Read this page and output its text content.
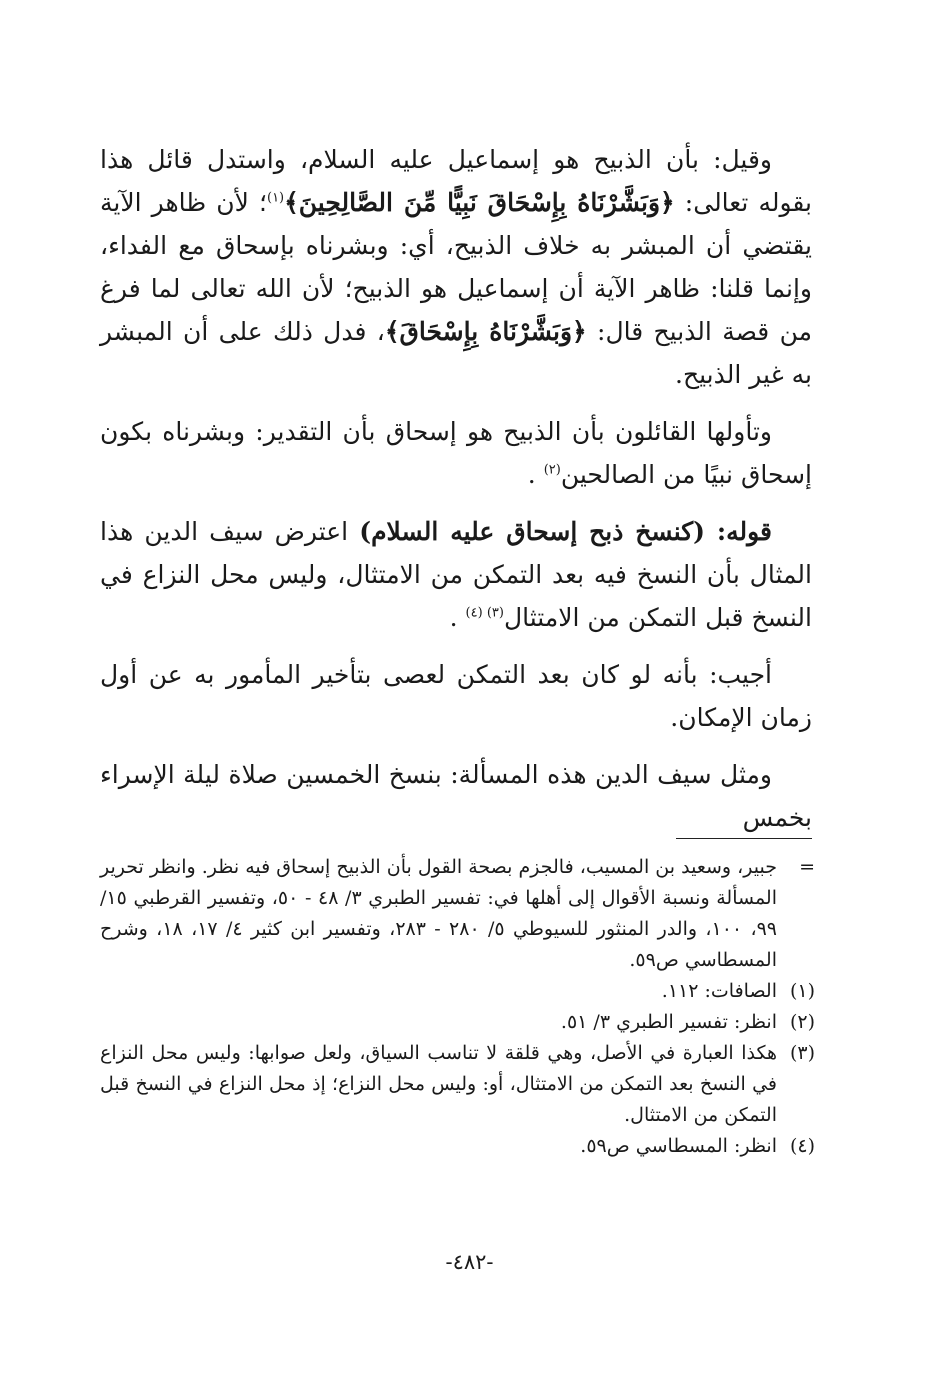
وقيل: بأن الذبيح هو إسماعيل عليه السلام، واستدل قائل هذا بقوله تعالى: ﴿وَبَشَّرْنَاهُ بِإِسْحَاقَ نَبِيًّا مِّنَ الصَّالِحِينَ﴾$^{(١)}$؛ لأن ظاهر الآية يقتضي أن المبشر به خلاف الذبيح، أي: وبشرناه بإسحاق مع الفداء، وإنما قلنا: ظاهر الآية أن إسماعيل هو الذبيح؛ لأن الله تعالى لما فرغ من قصة الذبيح قال: ﴿وَبَشَّرْنَاهُ بِإِسْحَاقَ﴾، فدل ذلك على أن المبشر به غير الذبيح.

وتأولها القائلون بأن الذبيح هو إسحاق بأن التقدير: وبشرناه بكون إسحاق نبيًا من الصالحين$^{(٢)}$ .

قوله: (كنسخ ذبح إسحاق عليه السلام) اعترض سيف الدين هذا المثال بأن النسخ فيه بعد التمكن من الامتثال، وليس محل النزاع في النسخ قبل التمكن من الامتثال$^{(٣) (٤)}$ .

أجيب: بأنه لو كان بعد التمكن لعصى بتأخير المأمور به عن أول زمان الإمكان.

ومثل سيف الدين هذه المسألة: بنسخ الخمسين صلاة ليلة الإسراء بخمس

=
جبير، وسعيد بن المسيب، فالجزم بصحة القول بأن الذبيح إسحاق فيه نظر. وانظر تحرير المسألة ونسبة الأقوال إلى أهلها في: تفسير الطبري ٣/ ٤٨ - ٥٠، وتفسير القرطبي ١٥/ ٩٩، ١٠٠، والدر المنثور للسيوطي ٥/ ٢٨٠ - ٢٨٣، وتفسير ابن كثير ٤/ ١٧، ١٨، وشرح المسطاسي ص٥٩.
(١)
الصافات: ١١٢.
(٢)
انظر: تفسير الطبري ٣/ ٥١.
(٣)
هكذا العبارة في الأصل، وهي قلقة لا تناسب السياق، ولعل صوابها: وليس محل النزاع في النسخ بعد التمكن من الامتثال، أو: وليس محل النزاع؛ إذ محل النزاع في النسخ قبل التمكن من الامتثال.
(٤)
انظر: المسطاسي ص٥٩.
-٤٨٢-
